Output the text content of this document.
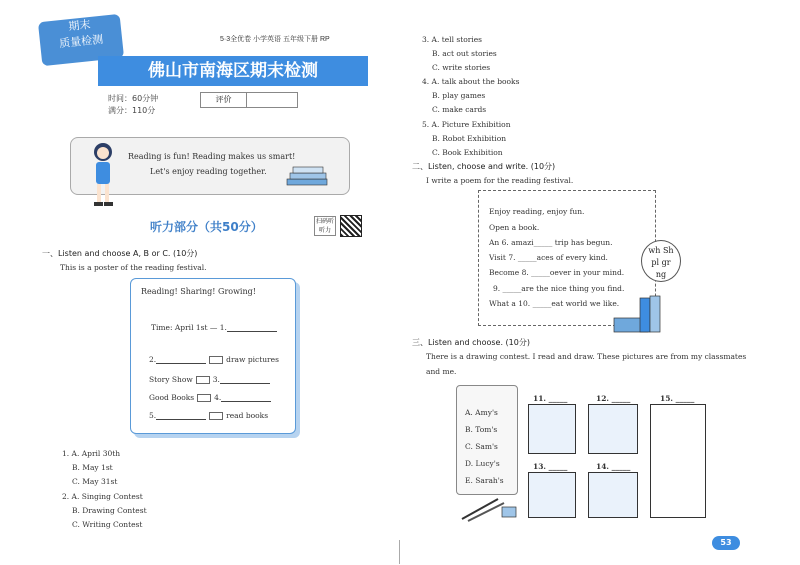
期末
质量检测	5·3全优卷 小学英语 五年级下册 RP
佛山市南海区期末检测
时间：60分钟
满分：110分
评价
Reading is fun! Reading makes us smart!
Let's enjoy reading together.
听力部分（共50分）	扫码听听力
一、Listen and choose A, B or C. (10分)
This is a poster of the reading festival.
Reading! Sharing! Growing!
Time: April 1st — 1.
2.	draw pictures
Story Show	3.
Good Books	4.
5.	read books
1. A. April 30th
B. May 1st
C. May 31st
2. A. Singing Contest
B. Drawing Contest
C. Writing Contest
3. A. tell stories
B. act out stories
C. write stories
4. A. talk about the books
B. play games
C. make cards
5. A. Picture Exhibition
B. Robot Exhibition
C. Book Exhibition
二、Listen, choose and write. (10分)
I write a poem for the reading festival.
Enjoy reading, enjoy fun.
Open a book.
An 6. amazi_____ trip has begun.
Visit 7. _____aces of every kind.
Become 8. _____oever in your mind.
9. _____are the nice thing you find.
What a 10. _____eat world we like.
wh Sh
pl gr
ng
三、Listen and choose. (10分)
There is a drawing contest. I read and draw. These pictures are from my classmates
and me.
A. Amy's
B. Tom's
C. Sam's
D. Lucy's
E. Sarah's
11. _____	12. _____	15. _____
13. _____	14. _____
53
